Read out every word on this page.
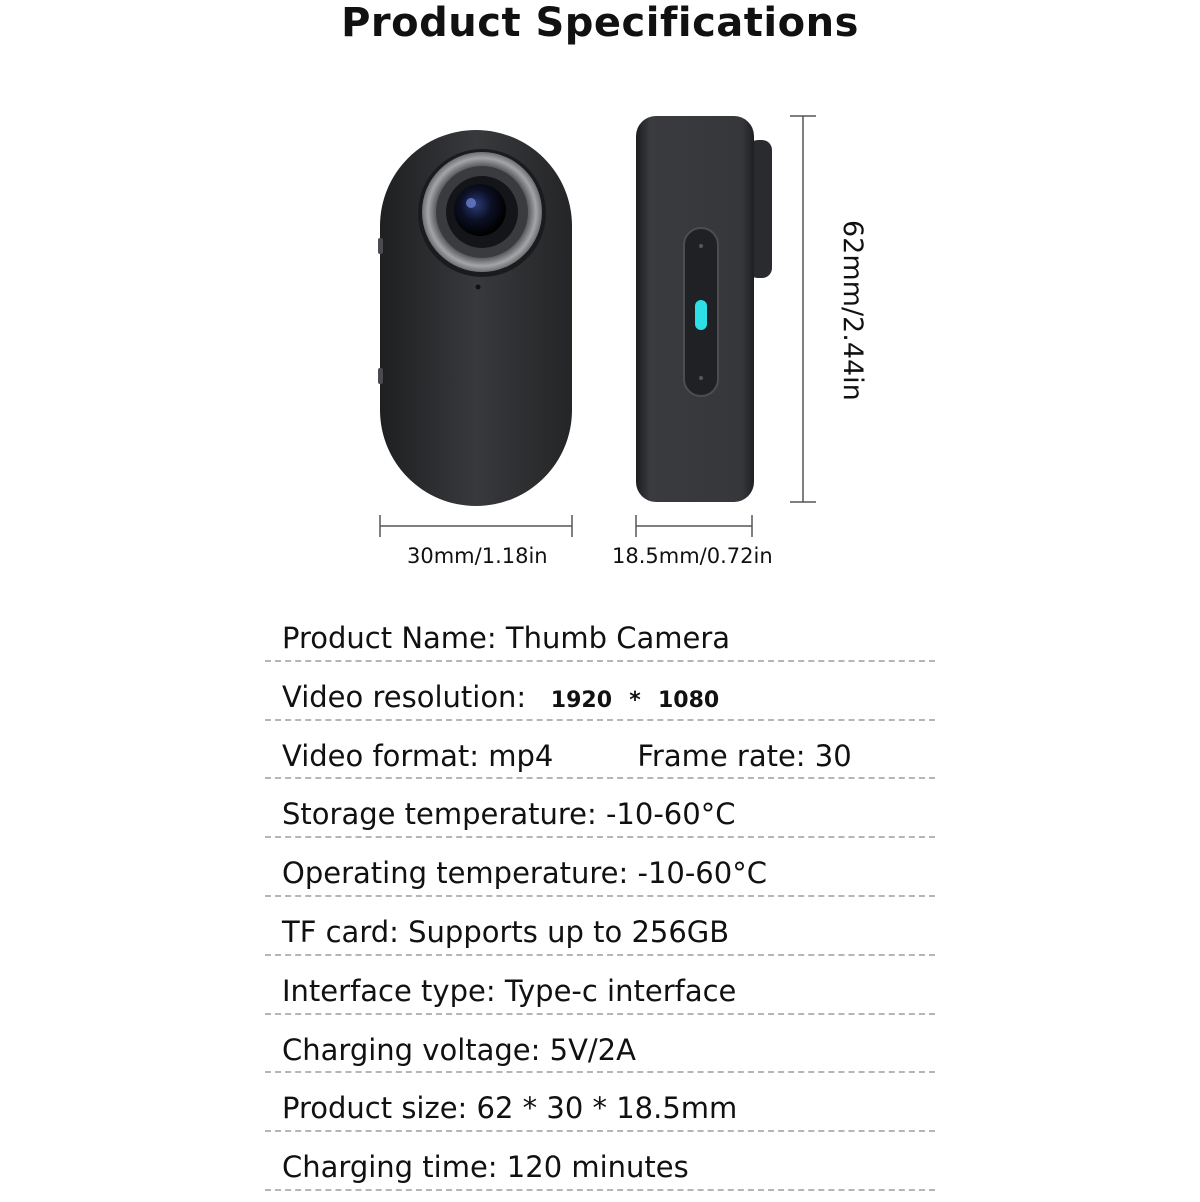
Product Specifications
30mm/1.18in	18.5mm/0.72in
62mm/2.44in
Product Name: Thumb Camera
Video resolution: 1920 * 1080
Video format: mp4	Frame rate: 30
Storage temperature: -10-60°C
Operating temperature: -10-60°C
TF card: Supports up to 256GB
Interface type: Type-c interface
Charging voltage: 5V/2A
Product size: 62 * 30 * 18.5mm
Charging time: 120 minutes
